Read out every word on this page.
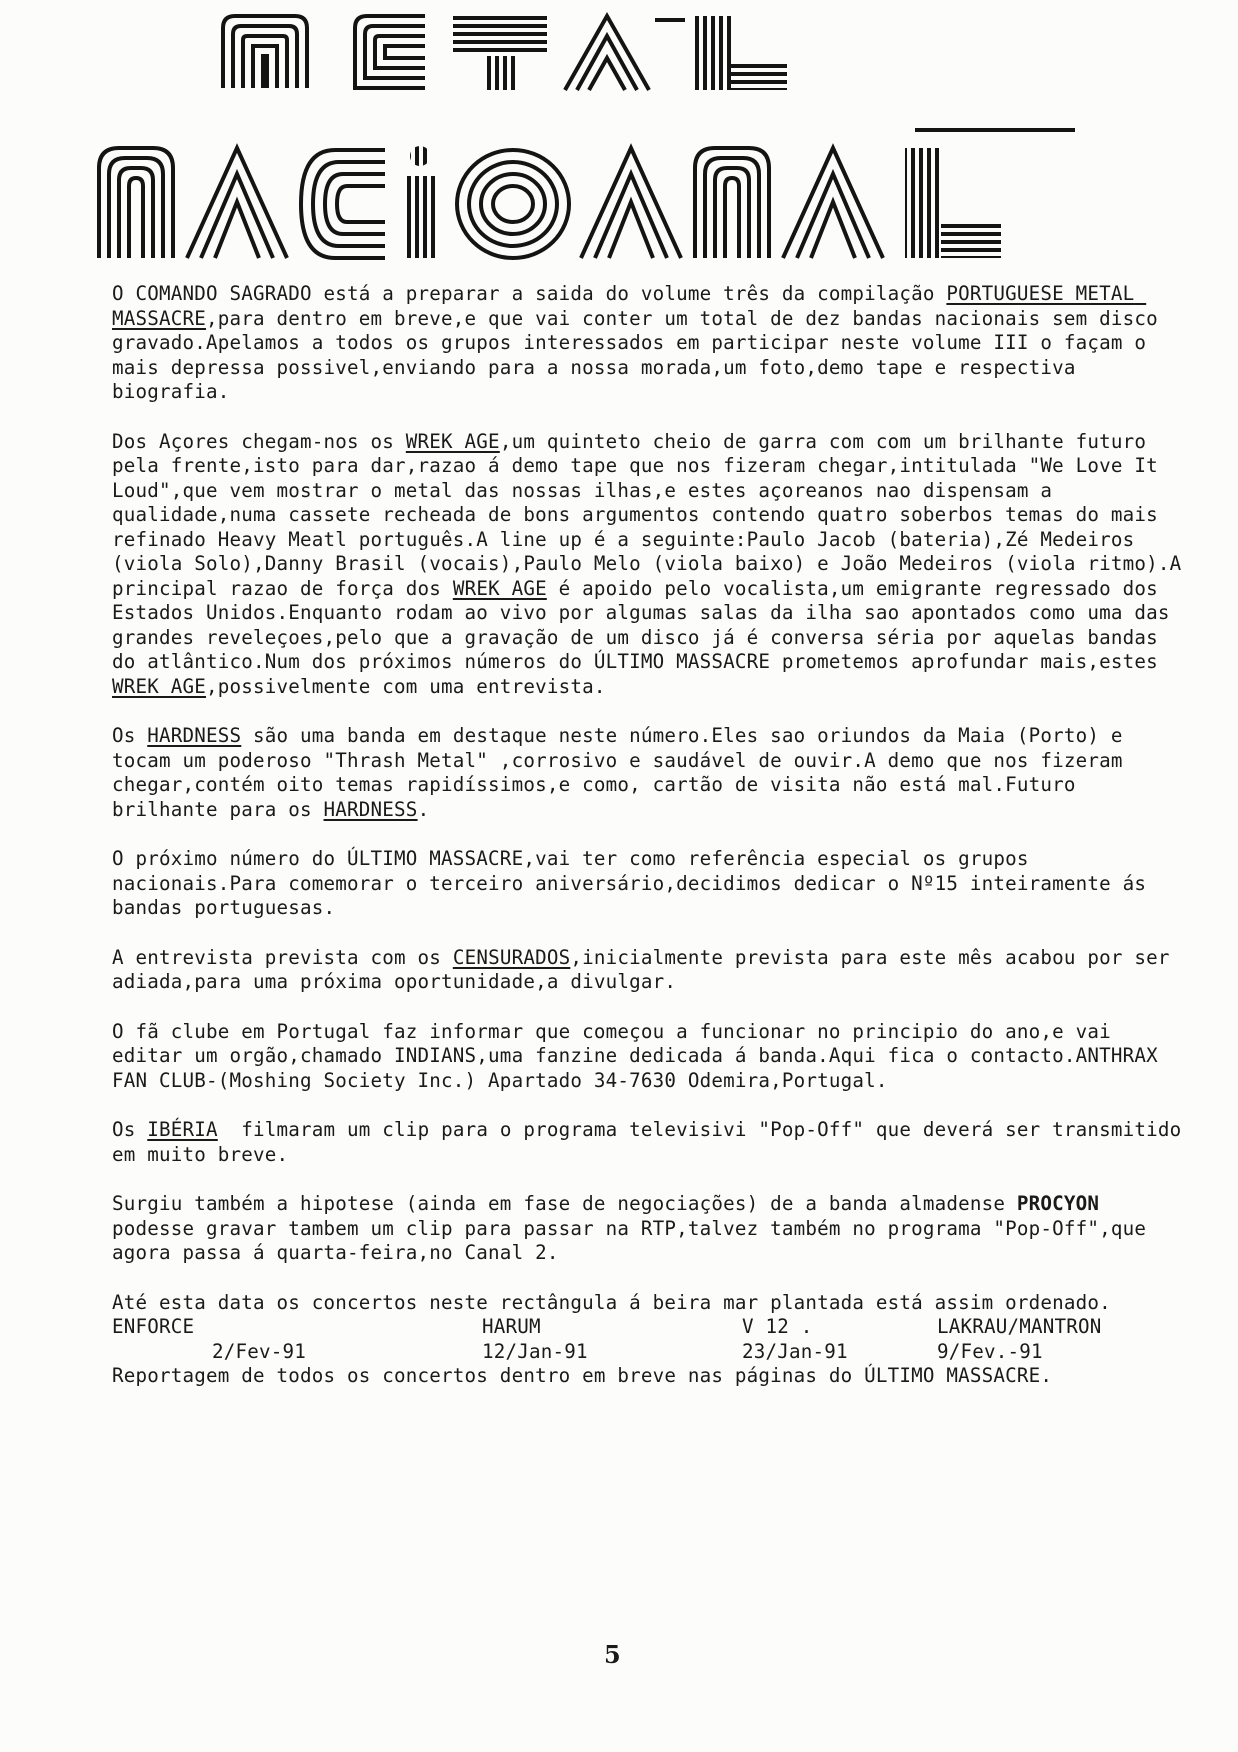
O COMANDO SAGRADO está a preparar a saida do volume três da compilação PORTUGUESE METAL MASSACRE,para dentro em breve,e que vai conter um total de dez bandas nacionais sem disco gravado.Apelamos a todos os grupos interessados em participar neste volume III o façam o mais depressa possivel,enviando para a nossa morada,um foto,demo tape e respectiva biografia.

Dos Açores chegam-nos os WREK AGE,um quinteto cheio de garra com com um brilhante futuro pela frente,isto para dar,razao á demo tape que nos fizeram chegar,intitulada "We Love It Loud",que vem mostrar o metal das nossas ilhas,e estes açoreanos nao dispensam a qualidade,numa cassete recheada de bons argumentos contendo quatro soberbos temas do mais refinado Heavy Meatl português.A line up é a seguinte:Paulo Jacob (bateria),Zé Medeiros (viola Solo),Danny Brasil (vocais),Paulo Melo (viola baixo) e João Medeiros (viola ritmo).A principal razao de força dos WREK AGE é apoido pelo vocalista,um emigrante regressado dos Estados Unidos.Enquanto rodam ao vivo por algumas salas da ilha sao apontados como uma das grandes reveleçoes,pelo que a gravação de um disco já é conversa séria por aquelas bandas do atlântico.Num dos próximos números do ÚLTIMO MASSACRE prometemos aprofundar mais,estes WREK AGE,possivelmente com uma entrevista.

Os HARDNESS são uma banda em destaque neste número.Eles sao oriundos da Maia (Porto) e tocam um poderoso "Thrash Metal" ,corrosivo e saudável de ouvir.A demo que nos fizeram chegar,contém oito temas rapidíssimos,e como, cartão de visita não está mal.Futuro brilhante para os HARDNESS.

O próximo número do ÚLTIMO MASSACRE,vai ter como referência especial os grupos nacionais.Para comemorar o terceiro aniversário,decidimos dedicar o Nº15 inteiramente ás bandas portuguesas.

A entrevista prevista com os CENSURADOS,inicialmente prevista para este mês acabou por ser adiada,para uma próxima oportunidade,a divulgar.

O fã clube em Portugal faz informar que começou a funcionar no principio do ano,e vai editar um orgão,chamado INDIANS,uma fanzine dedicada á banda.Aqui fica o contacto.ANTHRAX FAN CLUB-(Moshing Society Inc.) Apartado 34-7630 Odemira,Portugal.

Os IBÉRIA  filmaram um clip para o programa televisivi "Pop-Off" que deverá ser transmitido em muito breve.

Surgiu também a hipotese (ainda em fase de negociações) de a banda almadense PROCYON podesse gravar tambem um clip para passar na RTP,talvez também no programa "Pop-Off",que agora passa á quarta-feira,no Canal 2.

Até esta data os concertos neste rectângula á beira mar plantada está assim ordenado.
ENFORCE	HARUM	V 12 .	LAKRAU/MANTRON
2/Fev-91	12/Jan-91	23/Jan-91	9/Fev.-91
Reportagem de todos os concertos dentro em breve nas páginas do ÚLTIMO MASSACRE.
5
